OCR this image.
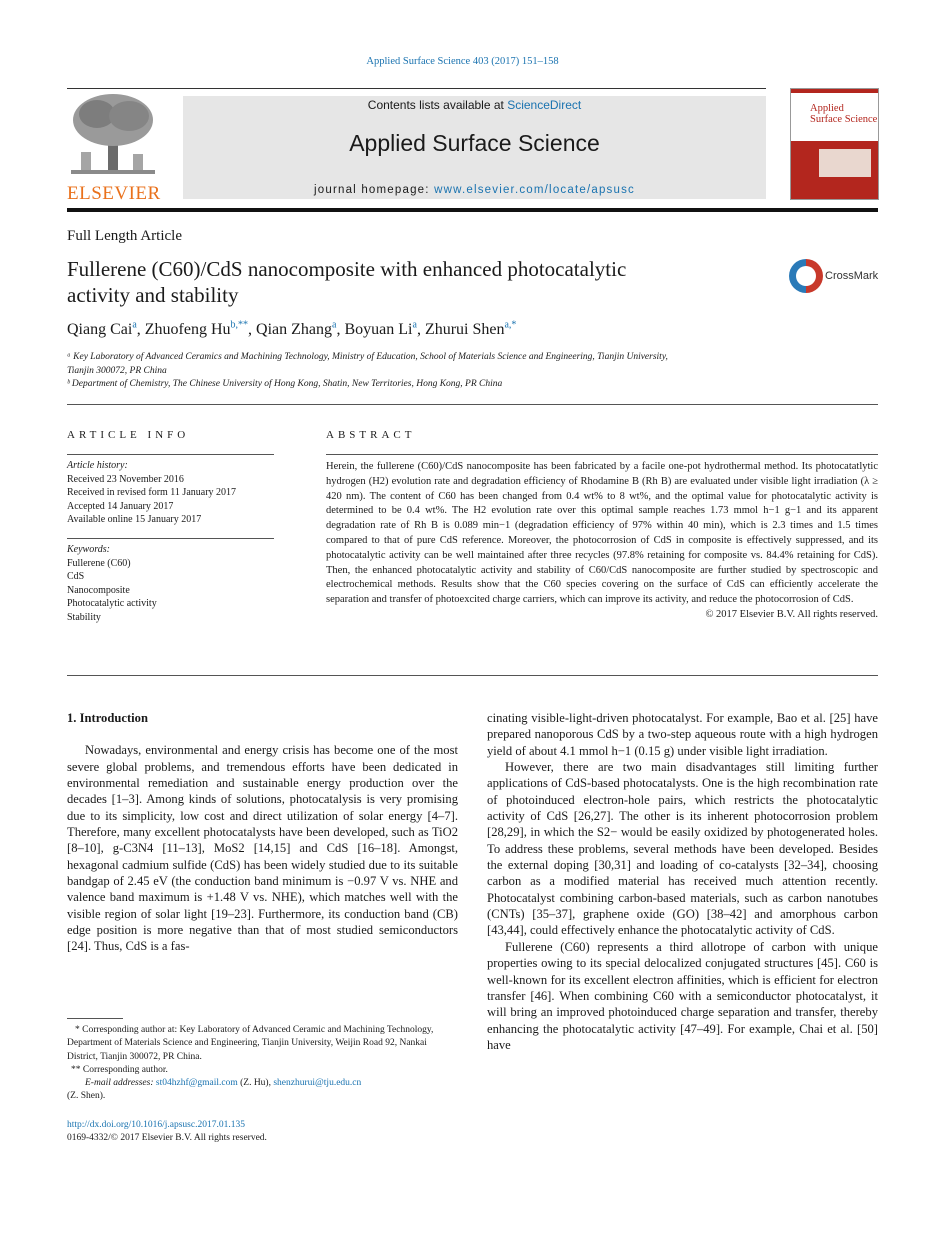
Applied Surface Science 403 (2017) 151–158
ELSEVIER
Contents lists available at ScienceDirect
Applied Surface Science
journal homepage: www.elsevier.com/locate/apsusc
Applied
Surface Science
Full Length Article
Fullerene (C60)/CdS nanocomposite with enhanced photocatalytic
activity and stability
CrossMark
Qiang Cai$^a$, Zhuofeng $Hu^{b,**}$, Qian Zhang$^a$, Boyuan Li$^a$, Zhurui Shen$^{a,*}$
ᵃ Key Laboratory of Advanced Ceramics and Machining Technology, Ministry of Education, School of Materials Science and Engineering, Tianjin University,
Tianjin 300072, PR China
ᵇ Department of Chemistry, The Chinese University of Hong Kong, Shatin, New Territories, Hong Kong, PR China
ARTICLE INFO
Article history:
Received 23 November 2016
Received in revised form 11 January 2017
Accepted 14 January 2017
Available online 15 January 2017
Keywords:
Fullerene (C60)
CdS
Nanocomposite
Photocatalytic activity
Stability
ABSTRACT
Herein, the fullerene (C60)/CdS nanocomposite has been fabricated by a facile one-pot hydrothermal method. Its photocatatlytic hydrogen (H2) evolution rate and degradation efficiency of Rhodamine B (Rh B) are evaluated under visible light irradiation (λ ≥ 420 nm). The content of C60 has been changed from 0.4 wt% to 8 wt%, and the optimal value for photocatalytic activity is determined to be 0.4 wt%. The H2 evolution rate over this optimal sample reaches 1.73 mmol h−1 g−1 and its apparent degradation rate of Rh B is 0.089 min−1 (degradation efficiency of 97% within 40 min), which is 2.3 times and 1.5 times compared to that of pure CdS reference. Moreover, the photocorrosion of CdS in composite is effectively suppressed, and its photocatalytic activity can be well maintained after three recycles (97.8% retaining for composite vs. 84.4% retaining for CdS). Then, the enhanced photocatalytic activity and stability of C60/CdS nanocomposite are further studied by spectroscopic and electrochemical methods. Results show that the C60 species covering on the surface of CdS can efficiently accelerate the separation and transfer of photoexcited charge carriers, which can improve its activity, and reduce the photocorrosion of CdS.
© 2017 Elsevier B.V. All rights reserved.

1. Introduction

Nowadays, environmental and energy crisis has become one of the most severe global problems, and tremendous efforts have been dedicated in environmental remediation and sustainable energy production over the decades [1–3]. Among kinds of solutions, photocatalysis is very promising due to its simplicity, low cost and direct utilization of solar energy [4–7]. Therefore, many excellent photocatalysts have been developed, such as TiO2 [8–10], g-C3N4 [11–13], MoS2 [14,15] and CdS [16–18]. Amongst, hexagonal cadmium sulfide (CdS) has been widely studied due to its suitable bandgap of 2.45 eV (the conduction band minimum is −0.97 V vs. NHE and valence band maximum is +1.48 V vs. NHE), which matches well with the visible region of solar light [19–23]. Furthermore, its conduction band (CB) edge position is more negative than that of most studied semiconductors [24]. Thus, CdS is a fas-

cinating visible-light-driven photocatalyst. For example, Bao et al. [25] have prepared nanoporous CdS by a two-step aqueous route with a high hydrogen yield of about 4.1 mmol h−1 (0.15 g) under visible light irradiation.

However, there are two main disadvantages still limiting further applications of CdS-based photocatalysts. One is the high recombination rate of photoinduced electron-hole pairs, which restricts the photocatalytic activity of CdS [26,27]. The other is its inherent photocorrosion problem [28,29], in which the S2− would be easily oxidized by photogenerated holes. To address these problems, several methods have been developed. Besides the external doping [30,31] and loading of co-catalysts [32–34], choosing carbon as a modified material has received much attention recently. Photocatalyst combining carbon-based materials, such as carbon nanotubes (CNTs) [35–37], graphene oxide (GO) [38–42] and amorphous carbon [43,44], could effectively enhance the photocatalytic activity of CdS.

Fullerene (C60) represents a third allotrope of carbon with unique properties owing to its special delocalized conjugated structures [45]. C60 is well-known for its excellent electron affinities, which is efficient for electron transfer [46]. When combining C60 with a semiconductor photocatalyst, it will bring an improved photoinduced charge separation and transfer, thereby enhancing the photocatalytic activity [47–49]. For example, Chai et al. [50] have

* Corresponding author at: Key Laboratory of Advanced Ceramic and Machining Technology, Department of Materials Science and Engineering, Tianjin University, Weijin Road 92, Nankai District, Tianjin 300072, PR China.
** Corresponding author.
E-mail addresses: st04hzhf@gmail.com (Z. Hu), shenzhurui@tju.edu.cn
(Z. Shen).
http://dx.doi.org/10.1016/j.apsusc.2017.01.135
0169-4332/© 2017 Elsevier B.V. All rights reserved.
